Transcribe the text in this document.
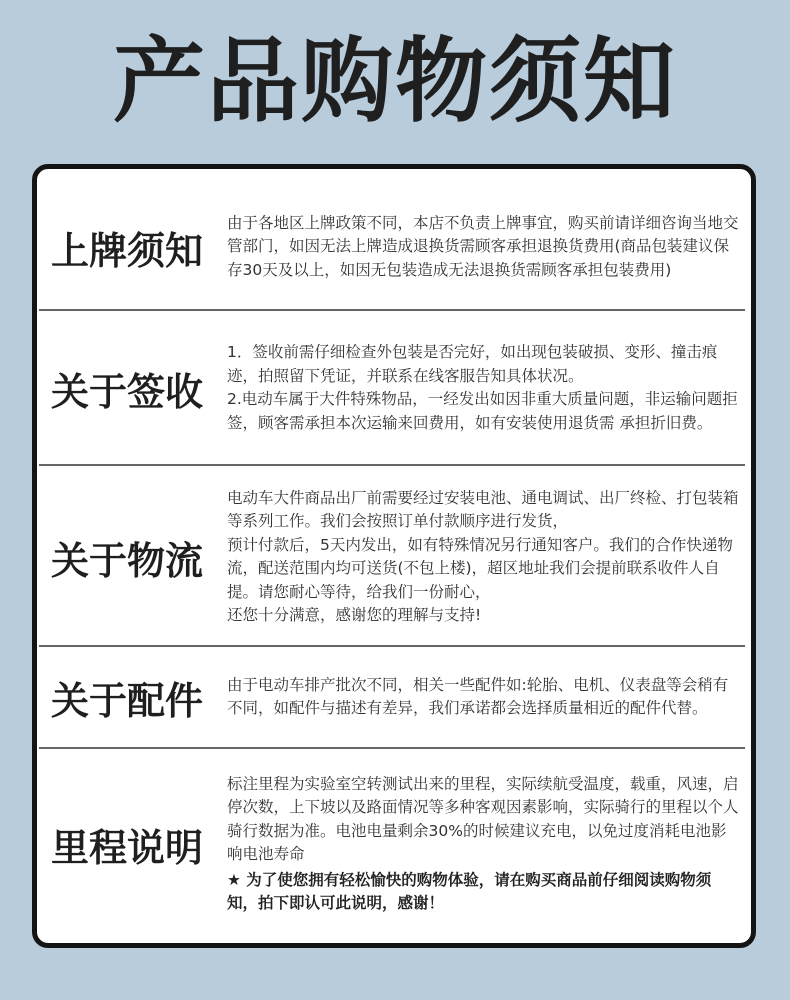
产品购物须知
上牌须知

由于各地区上牌政策不同，本店不负责上牌事宜，购买前请详细咨询当地交管部门，如因无法上牌造成退换货需顾客承担退换货费用(商品包装建议保存30天及以上，如因无包装造成无法退换货需顾客承担包装费用)

关于签收

1．签收前需仔细检查外包装是否完好，如出现包装破损、变形、撞击痕迹，拍照留下凭证，并联系在线客服告知具体状况。

2.电动车属于大件特殊物品，一经发出如因非重大质量问题，非运输问题拒签，顾客需承担本次运输来回费用，如有安装使用退货需 承担折旧费。

关于物流

电动车大件商品出厂前需要经过安装电池、通电调试、出厂终检、打包装箱等系列工作。我们会按照订单付款顺序进行发货，

预计付款后，5天内发出，如有特殊情况另行通知客户。我们的合作快递物流，配送范围内均可送货(不包上楼)，超区地址我们会提前联系收件人自提。请您耐心等待，给我们一份耐心，

还您十分满意，感谢您的理解与支持!

关于配件	由于电动车排产批次不同，相关一些配件如:轮胎、电机、仪表盘等会稍有不同，如配件与描述有差异，我们承诺都会选择质量相近的配件代替。

里程说明

标注里程为实验室空转测试出来的里程，实际续航受温度，载重，风速，启停次数，上下坡以及路面情况等多种客观因素影响，实际骑行的里程以个人骑行数据为准。电池电量剩余30%的时候建议充电，以免过度消耗电池影响电池寿命

★ 为了使您拥有轻松愉快的购物体验，请在购买商品前仔细阅读购物须知，拍下即认可此说明，感谢！
